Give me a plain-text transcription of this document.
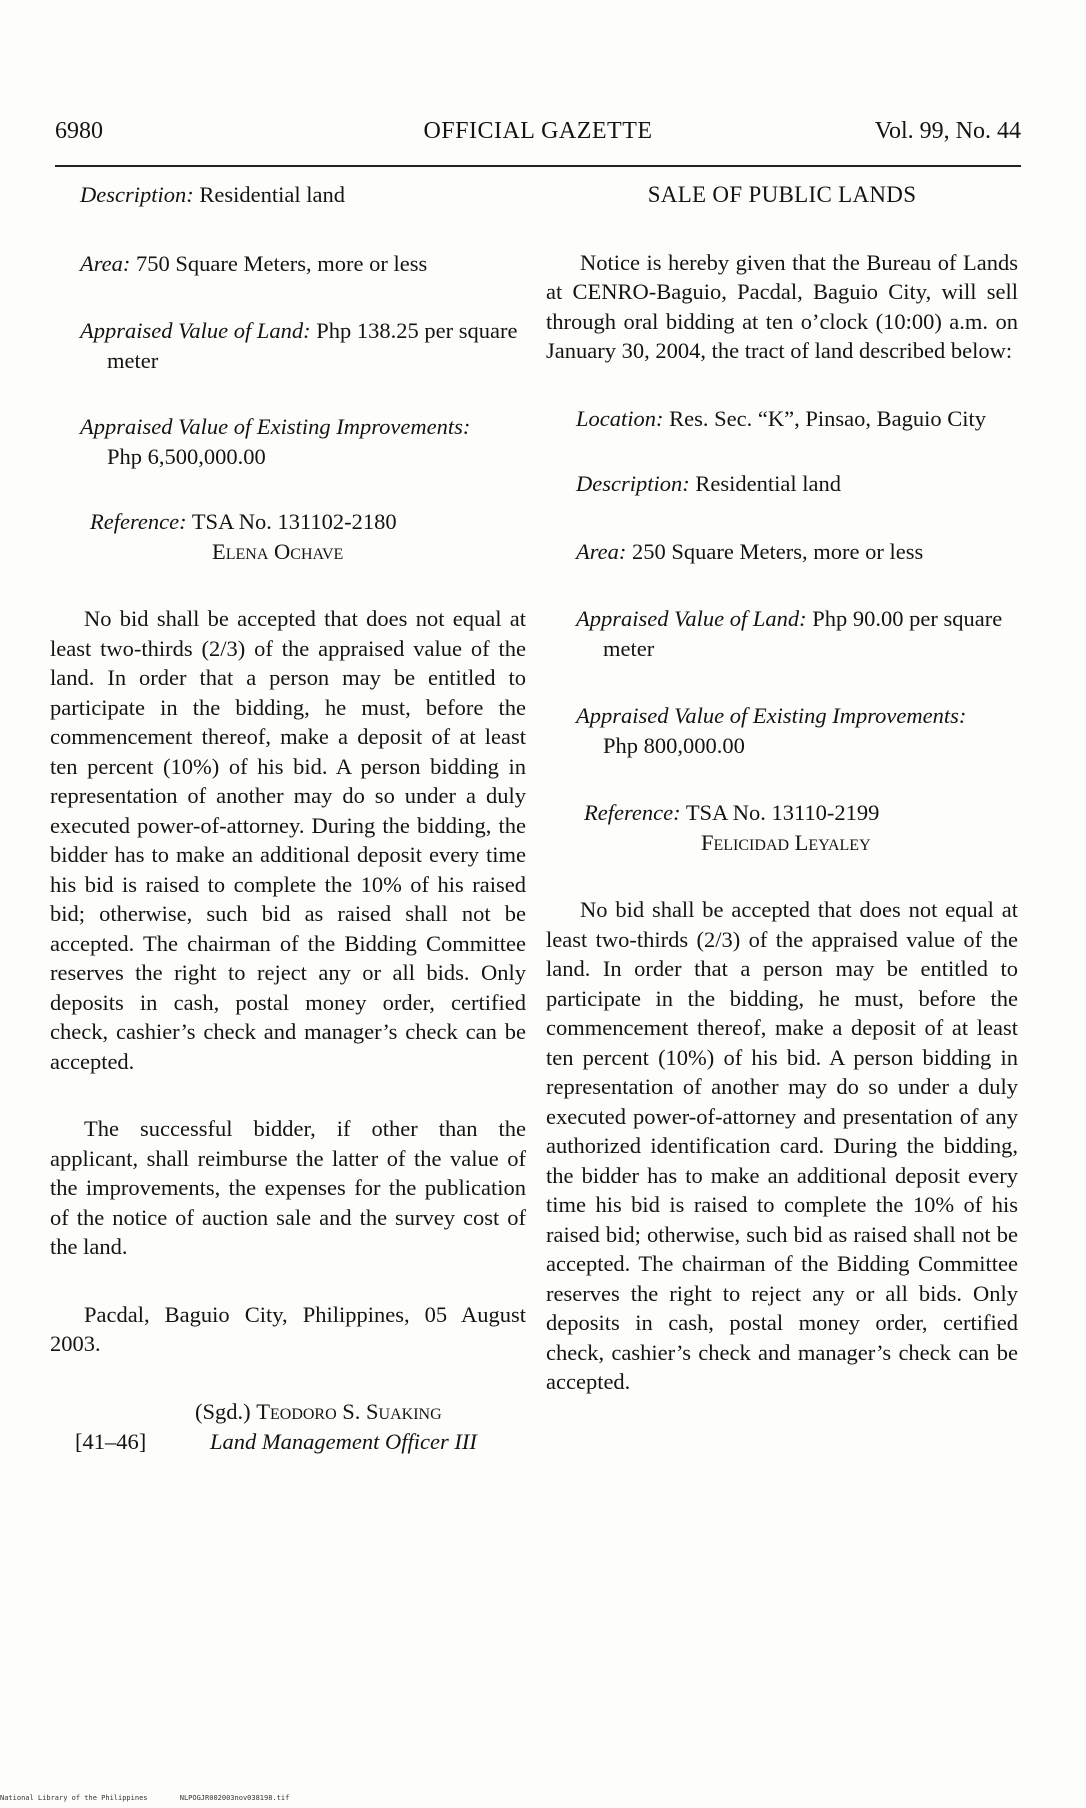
6980	OFFICIAL GAZETTE	Vol. 99, No. 44

Description: Residential land

Area: 750 Square Meters, more or less

Appraised Value of Land: Php 138.25 per square meter

Appraised Value of Existing Improvements:

Php 6,500,000.00

Reference: TSA No. 131102-2180

Elena Ochave

No bid shall be accepted that does not equal at least two-thirds (2/3) of the appraised value of the land. In order that a person may be entitled to participate in the bidding, he must, before the commencement thereof, make a deposit of at least ten percent (10%) of his bid. A person bidding in representation of another may do so under a duly executed power-of-attorney. During the bidding, the bidder has to make an additional deposit every time his bid is raised to complete the 10% of his raised bid; otherwise, such bid as raised shall not be accepted. The chairman of the Bidding Committee reserves the right to reject any or all bids. Only deposits in cash, postal money order, certified check, cashier’s check and manager’s check can be accepted.

The successful bidder, if other than the applicant, shall reimburse the latter of the value of the improvements, the expenses for the publication of the notice of auction sale and the survey cost of the land.

Pacdal, Baguio City, Philippines, 05 August 2003.

[41–46]
(Sgd.) Teodoro S. Suaking
Land Management Officer III

SALE OF PUBLIC LANDS

Notice is hereby given that the Bureau of Lands at CENRO-Baguio, Pacdal, Baguio City, will sell through oral bidding at ten o’clock (10:00) a.m. on January 30, 2004, the tract of land described below:

Location: Res. Sec. “K”, Pinsao, Baguio City

Description: Residential land

Area: 250 Square Meters, more or less

Appraised Value of Land: Php 90.00 per square meter

Appraised Value of Existing Improvements:

Php 800,000.00

Reference: TSA No. 13110-2199

Felicidad Leyaley

No bid shall be accepted that does not equal at least two-thirds (2/3) of the appraised value of the land. In order that a person may be entitled to participate in the bidding, he must, before the commencement thereof, make a deposit of at least ten percent (10%) of his bid. A person bidding in representation of another may do so under a duly executed power-of-attorney and presentation of any authorized identification card. During the bidding, the bidder has to make an additional deposit every time his bid is raised to complete the 10% of his raised bid; otherwise, such bid as raised shall not be accepted. The chairman of the Bidding Committee reserves the right to reject any or all bids. Only deposits in cash, postal money order, certified check, cashier’s check and manager’s check can be accepted.

National Library of the Philippines	NLPOGJR002003nov038198.tif
